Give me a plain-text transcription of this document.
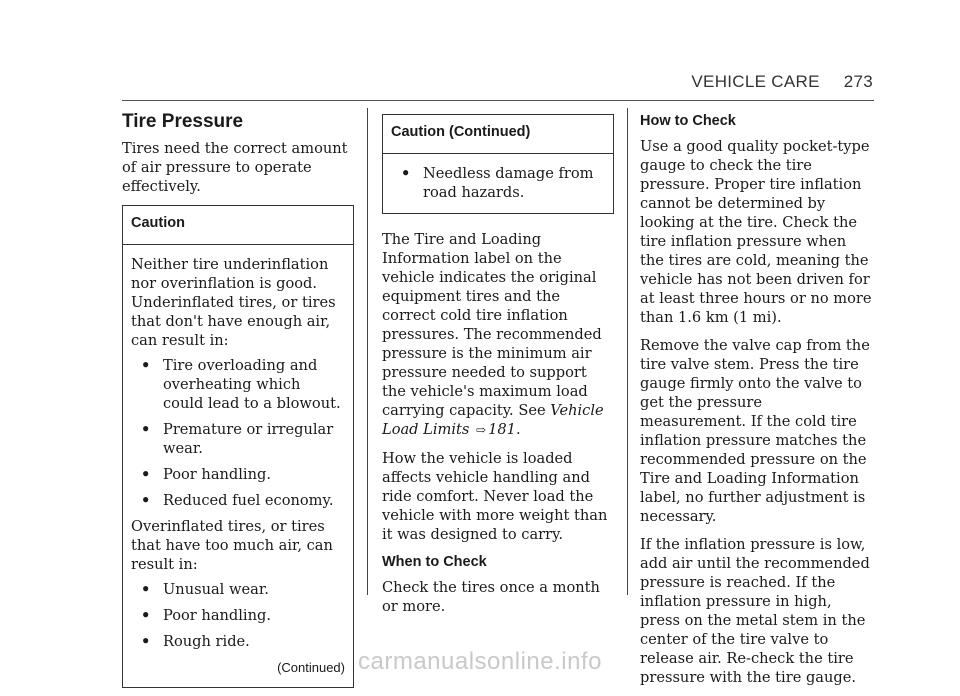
VEHICLE CARE 273
Tire Pressure

Tires need the correct amount of air pressure to operate effectively.

Caution

Neither tire underinflation nor overinflation is good. Underinflated tires, or tires that don't have enough air, can result in:

• Tire overloading and overheating which could lead to a blowout.
• Premature or irregular wear.
• Poor handling.
• Reduced fuel economy.

Overinflated tires, or tires that have too much air, can result in:

• Unusual wear.
• Poor handling.
• Rough ride.

(Continued)

Caution (Continued)
• Needless damage from road hazards.

The Tire and Loading Information label on the vehicle indicates the original equipment tires and the correct cold tire inflation pressures. The recommended pressure is the minimum air pressure needed to support the vehicle's maximum load carrying capacity. See Vehicle Load Limits ⇨ 181.

How the vehicle is loaded affects vehicle handling and ride comfort. Never load the vehicle with more weight than it was designed to carry.

When to Check

Check the tires once a month or more.

How to Check

Use a good quality pocket-type gauge to check the tire pressure. Proper tire inflation cannot be determined by looking at the tire. Check the tire inflation pressure when the tires are cold, meaning the vehicle has not been driven for at least three hours or no more than 1.6 km (1 mi).

Remove the valve cap from the tire valve stem. Press the tire gauge firmly onto the valve to get the pressure measurement. If the cold tire inflation pressure matches the recommended pressure on the Tire and Loading Information label, no further adjustment is necessary.

If the inflation pressure is low, add air until the recommended pressure is reached. If the inflation pressure in high, press on the metal stem in the center of the tire valve to release air. Re-check the tire pressure with the tire gauge.

carmanualsonline.info
